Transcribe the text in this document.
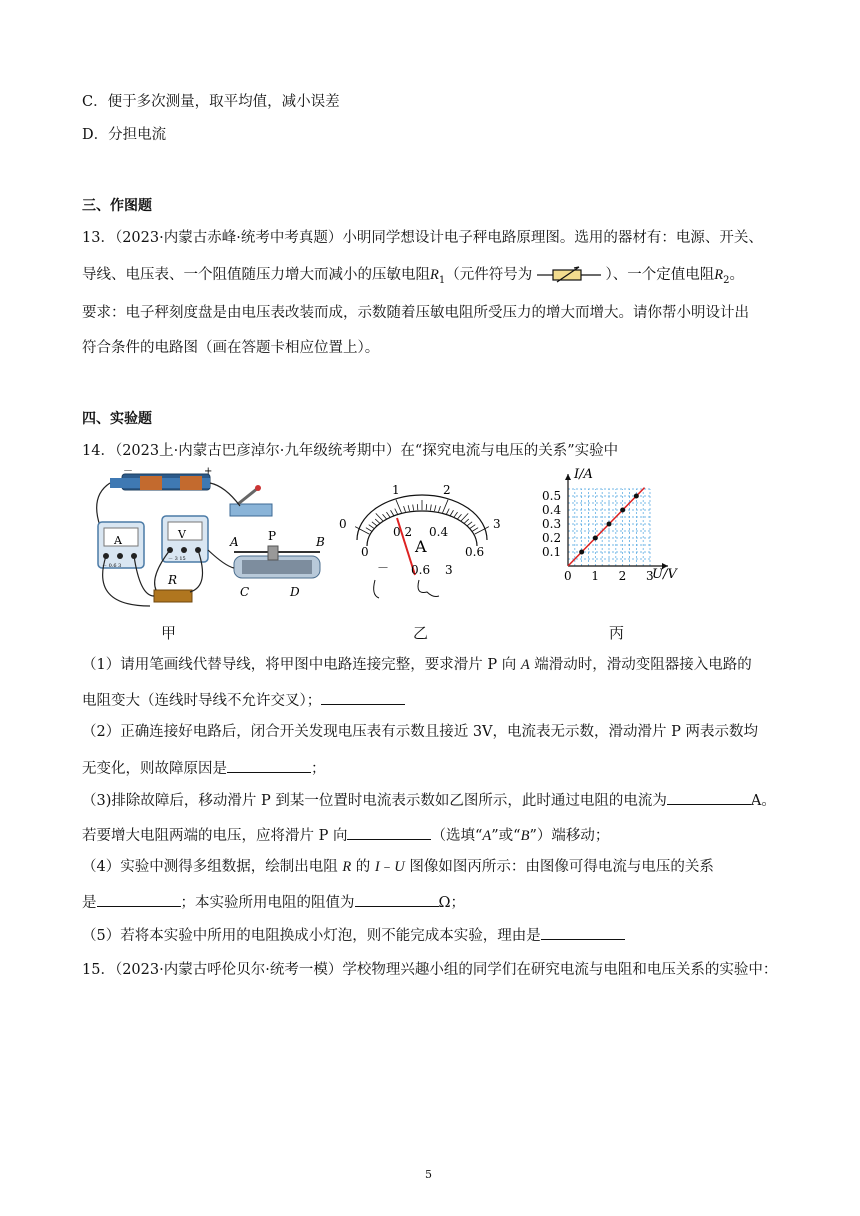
C．便于多次测量，取平均值，减小误差
D．分担电流
三、作图题
13．（2023·内蒙古赤峰·统考中考真题）小明同学想设计电子秤电路原理图。选用的器材有：电源、开关、
导线、电压表、一个阻值随压力增大而减小的压敏电阻$R_1$（元件符号为	）、一个定值电阻$R_2$。
要求：电子秤刻度盘是由电压表改装而成，示数随着压敏电阻所受压力的增大而增大。请你帮小明设计出
符合条件的电路图（画在答题卡相应位置上）。
四、实验题
14．（2023上·内蒙古巴彦淖尔·九年级统考期中）在“探究电流与电压的关系”实验中
－	+
A
－ 0.6 3
V
－ 3 15
R
A P	B
C	D
0
1	2
3
0
0.2 0.4
0.6
A
－ 0.6 3
I/A
U/V
0 1 2 3
0.1
0.2
0.3
0.4
0.5
甲	乙	丙
（1）请用笔画线代替导线，将甲图中电路连接完整，要求滑片 P 向 A 端滑动时，滑动变阻器接入电路的
电阻变大（连线时导线不允许交叉）；
（2）正确连接好电路后，闭合开关发现电压表有示数且接近 3V，电流表无示数，滑动滑片 P 两表示数均
无变化，则故障原因是	；
（3)排除故障后，移动滑片 P 到某一位置时电流表示数如乙图所示，此时通过电阻的电流为	A。
若要增大电阻两端的电压，应将滑片 P 向	（选填“A”或“B”）端移动；
（4）实验中测得多组数据，绘制出电阻 R 的 I﹣U 图像如图丙所示：由图像可得电流与电压的关系
是	；本实验所用电阻的阻值为	Ω；
（5）若将本实验中所用的电阻换成小灯泡，则不能完成本实验，理由是
15．（2023·内蒙古呼伦贝尔·统考一模）学校物理兴趣小组的同学们在研究电流与电阻和电压关系的实验中：
5
